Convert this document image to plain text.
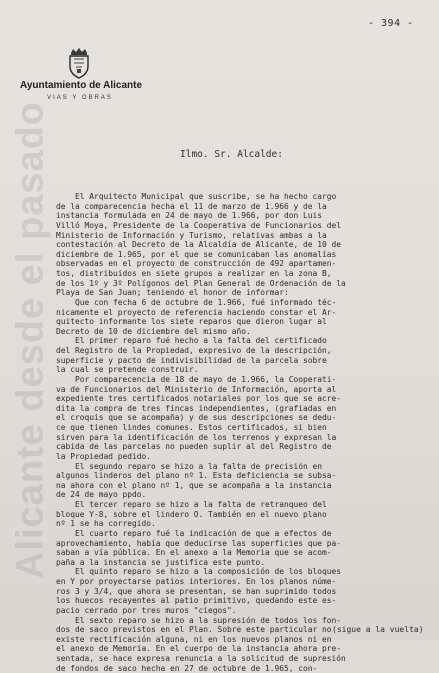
- 394 -
Ayuntamiento de Alicante
VIAS Y OBRAS
Ilmo. Sr. Alcalde:
Alicante desde el pasado El Arquitecto Municipal que suscribe, se ha hecho cargo
de la comparecencia hecha el 11 de marzo de 1.966 y de la
instancia formulada en 24 de mayo de 1.966, por don Luis
Villó Moya, Presidente de la Cooperativa de Funcionarios del
Ministerio de Información y Turismo, relativas ambas a la
contestación al Decreto de la Alcaldía de Alicante, de 10 de
diciembre de 1.965, por el que se comunicaban las anomalías
observadas en el proyecto de construcción de 492 apartamen-
tos, distribuidos en siete grupos a realizar en la zona B,
de los 1º y 3º Polígonos del Plan General de Ordenación de la
Playa de San Juan; teniendo el honor de informar:
Que con fecha 6 de octubre de 1.966, fué informado téc-
nicamente el proyecto de referencia haciendo constar el Ar-
quitecto informante los siete reparos que dieron lugar al
Decreto de 10 de diciembre del mismo año.
El primer reparo fué hecho a la falta del certificado
del Registro de la Propiedad, expresivo de la descripción,
superficie y pacto de indivisibilidad de la parcela sobre
la cual se pretende construir.
Por comparecencia de 18 de mayo de 1.966, la Cooperati-
va de Funcionarios del Ministerio de Información, aporta al
expediente tres certificados notariales por los que se acre-
dita la compra de tres fincas independientes, (grafiadas en
el croquis que se acompaña) y de sus descripciones se dedu-
ce que tienen lindes comunes. Estos certificados, si bien
sirven para la identificación de los terrenos y expresan la
cabida de las parcelas no pueden suplir al del Registro de
la Propiedad pedido.
El segundo reparo se hizo a la falta de precisión en
algunos linderos del plano nº 1. Esta deficiencia se subsa-
na ahora con el plano nº 1, que se acompaña a la instancia
de 24 de mayo ppdo.
El tercer reparo se hizo a la falta de retranqueo del
bloque Y-8, sobre el lindero O. También en el nuevo plano
nº 1 se ha corregido.
El cuarto reparo fué la indicación de que a efectos de
aprovechamiento, había que deducirse las superficies que pa-
saban a vía pública. En el anexo a la Memoria que se acom-
paña a la instancia se justifica este punto.
El quinto reparo se hizo a la composición de los bloques
en Y por proyectarse patios interiores. En los planos núme-
ros 3 y 3/4, que ahora se presentan, se han suprimido todos
los huecos recayentes al patio primitivo, quedando este es-
pacio cerrado por tres muros "ciegos".
El sexto reparo se hizo a la supresión de todos los fon-
dos de saco previstos en el Plan. Sobre este particular no
existe rectificación alguna, ni en los nuevos planos ni en
el anexo de Memoria. En el cuerpo de la instancia ahora pre-
sentada, se hace expresa renuncia a la solicitud de supresión
de fondos de saco hecha en 27 de octubre de 1.965, con-
(sigue a la vuelta)
